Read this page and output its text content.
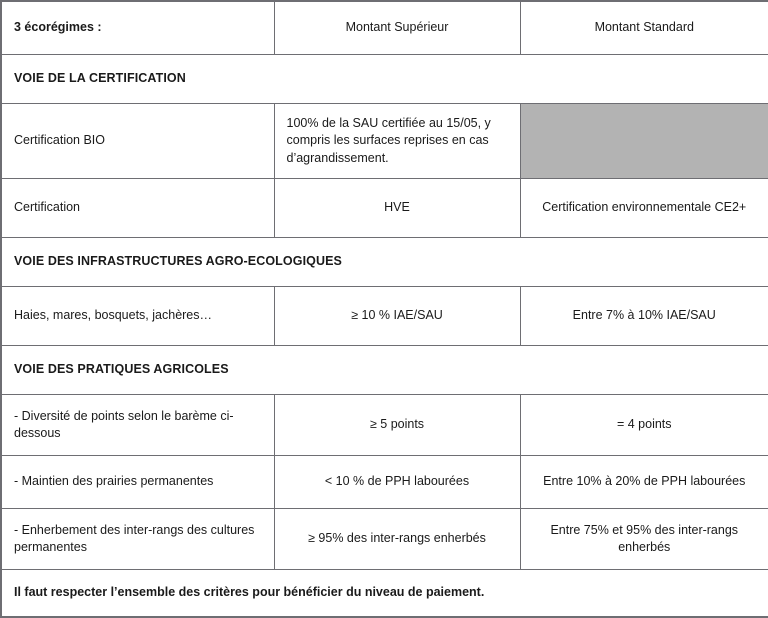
3 écorégimes :	Montant Supérieur	Montant Standard
VOIE DE LA CERTIFICATION		
Certification BIO	100% de la SAU certifiée au 15/05, y compris les surfaces reprises en cas d’agrandissement.	
Certification	HVE	Certification environnementale CE2+
VOIE DES INFRASTRUCTURES AGRO-ECOLOGIQUES		
Haies, mares, bosquets, jachères…	≥ 10 % IAE/SAU	Entre 7% à 10% IAE/SAU
VOIE DES PRATIQUES AGRICOLES		
- Diversité de points selon le barème ci-dessous	≥ 5 points	= 4 points
- Maintien des prairies permanentes	< 10 % de PPH labourées	Entre 10% à 20% de PPH labourées
- Enherbement des inter-rangs des cultures permanentes	≥ 95% des inter-rangs enherbés	Entre 75% et 95% des inter-rangs enherbés
Il faut respecter l’ensemble des critères pour bénéficier du niveau de paiement.		
